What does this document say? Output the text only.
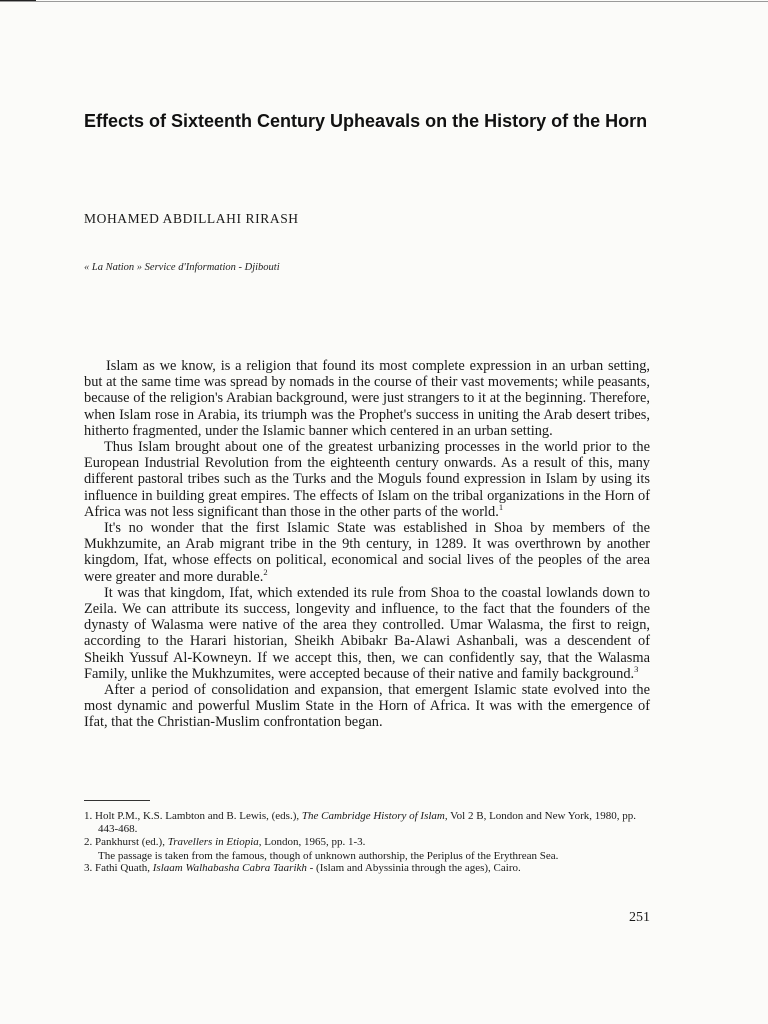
Effects of Sixteenth Century Upheavals on the History of the Horn

MOHAMED ABDILLAHI RIRASH

« La Nation » Service d'Information - Djibouti

Islam as we know, is a religion that found its most complete expression in an urban setting, but at the same time was spread by nomads in the course of their vast movements; while peasants, because of the religion's Arabian background, were just strangers to it at the beginning. Therefore, when Islam rose in Arabia, its triumph was the Prophet's success in uniting the Arab desert tribes, hitherto fragmented, under the Islamic banner which centered in an urban setting.

Thus Islam brought about one of the greatest urbanizing processes in the world prior to the European Industrial Revolution from the eighteenth century onwards. As a result of this, many different pastoral tribes such as the Turks and the Moguls found expression in Islam by using its influence in building great empires. The effects of Islam on the tribal organizations in the Horn of Africa was not less significant than those in the other parts of the world.$^1$

It's no wonder that the first Islamic State was established in Shoa by members of the Mukhzumite, an Arab migrant tribe in the 9th century, in 1289. It was overthrown by another kingdom, Ifat, whose effects on political, economical and social lives of the peoples of the area were greater and more durable.$^2$

It was that kingdom, Ifat, which extended its rule from Shoa to the coastal lowlands down to Zeila. We can attribute its success, longevity and influence, to the fact that the founders of the dynasty of Walasma were native of the area they controlled. Umar Walasma, the first to reign, according to the Harari historian, Sheikh Abibakr Ba-Alawi Ashanbali, was a descendent of Sheikh Yussuf Al-Kowneyn. If we accept this, then, we can confidently say, that the Walasma Family, unlike the Mukhzumites, were accepted because of their native and family background.$^3$

After a period of consolidation and expansion, that emergent Islamic state evolved into the most dynamic and powerful Muslim State in the Horn of Africa. It was with the emergence of Ifat, that the Christian-Muslim confrontation began.

1. Holt P.M., K.S. Lambton and B. Lewis, (eds.), The Cambridge History of Islam, Vol 2 B, London and New York, 1980, pp. 443-468.
2. Pankhurst (ed.), Travellers in Etiopia, London, 1965, pp. 1-3.

The passage is taken from the famous, though of unknown authorship, the Periplus of the Erythrean Sea.

3. Fathi Quath, Islaam Walhabasha Cabra Taarikh - (Islam and Abyssinia through the ages), Cairo.
251
